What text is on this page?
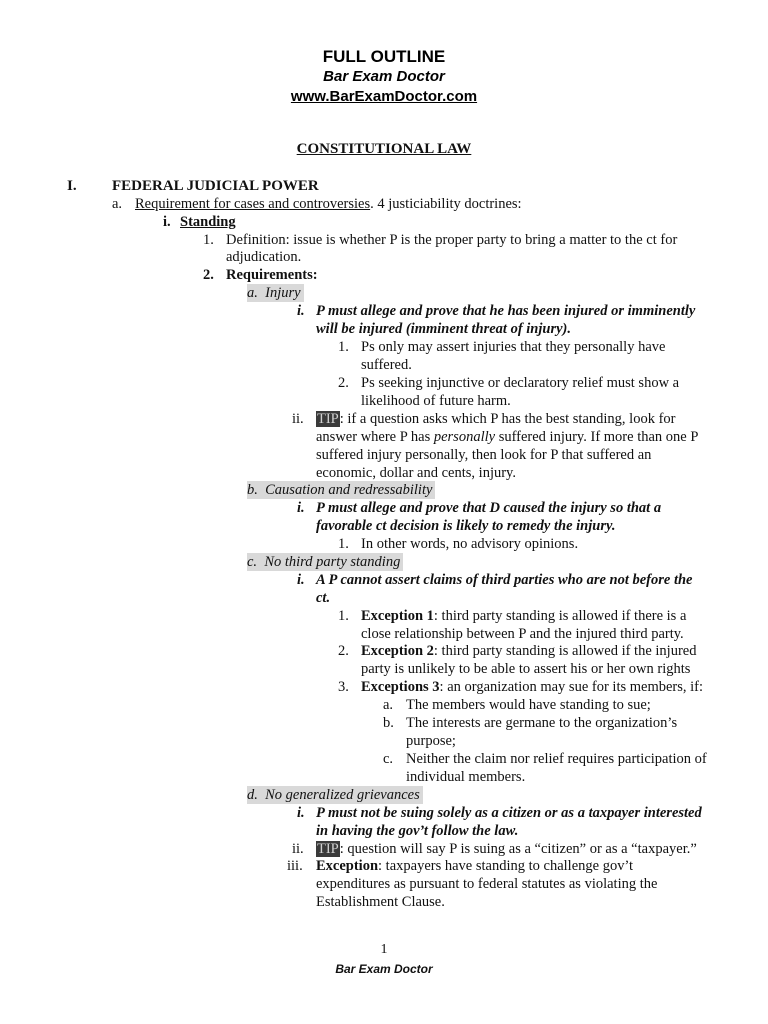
FULL OUTLINE
Bar Exam Doctor
www.BarExamDoctor.com
CONSTITUTIONAL LAW
I. FEDERAL JUDICIAL POWER
a. Requirement for cases and controversies. 4 justiciability doctrines:
i. Standing
1. Definition: issue is whether P is the proper party to bring a matter to the ct for
adjudication.
2. Requirements:
a. Injury
i. P must allege and prove that he has been injured or imminently
will be injured (imminent threat of injury).
1. Ps only may assert injuries that they personally have
suffered.
2. Ps seeking injunctive or declaratory relief must show a
likelihood of future harm.
ii. TIP: if a question asks which P has the best standing, look for
answer where P has personally suffered injury. If more than one P
suffered injury personally, then look for P that suffered an
economic, dollar and cents, injury.
b. Causation and redressability
i. P must allege and prove that D caused the injury so that a
favorable ct decision is likely to remedy the injury.
1. In other words, no advisory opinions.
c. No third party standing
i. A P cannot assert claims of third parties who are not before the
ct.
1. Exception 1: third party standing is allowed if there is a
close relationship between P and the injured third party.
2. Exception 2: third party standing is allowed if the injured
party is unlikely to be able to assert his or her own rights
3. Exceptions 3: an organization may sue for its members, if:
a. The members would have standing to sue;
b. The interests are germane to the organization’s
purpose;
c. Neither the claim nor relief requires participation of
individual members.
d. No generalized grievances
i. P must not be suing solely as a citizen or as a taxpayer interested
in having the gov’t follow the law.
ii. TIP: question will say P is suing as a “citizen” or as a “taxpayer.”
iii. Exception: taxpayers have standing to challenge gov’t
expenditures as pursuant to federal statutes as violating the
Establishment Clause.
1
Bar Exam Doctor
